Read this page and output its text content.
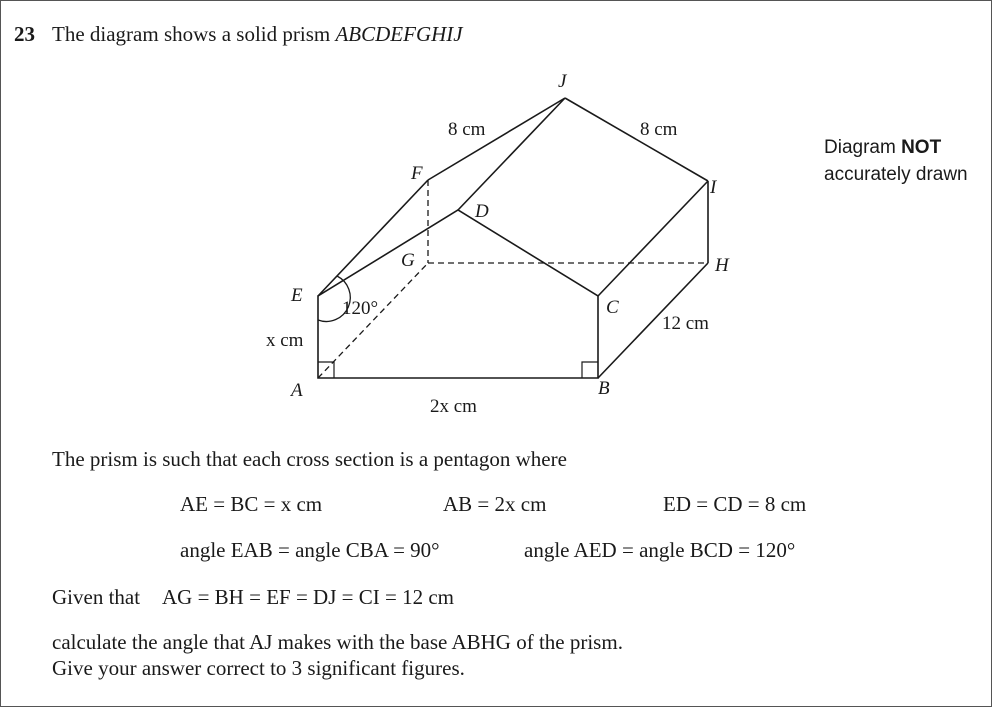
23 The diagram shows a solid prism ABCDEFGHIJ
Diagram NOT
accurately drawn
A	B
C
D
E
F
G	H
I
J
8 cm	8 cm
12 cm
2x cm
x cm
120°
The prism is such that each cross section is a pentagon where
AE = BC = x cm	AB = 2x cm	ED = CD = 8 cm
angle EAB = angle CBA = 90°	angle AED = angle BCD = 120°
Given that AG = BH = EF = DJ = CI = 12 cm
calculate the angle that AJ makes with the base ABHG of the prism.
Give your answer correct to 3 significant figures.
